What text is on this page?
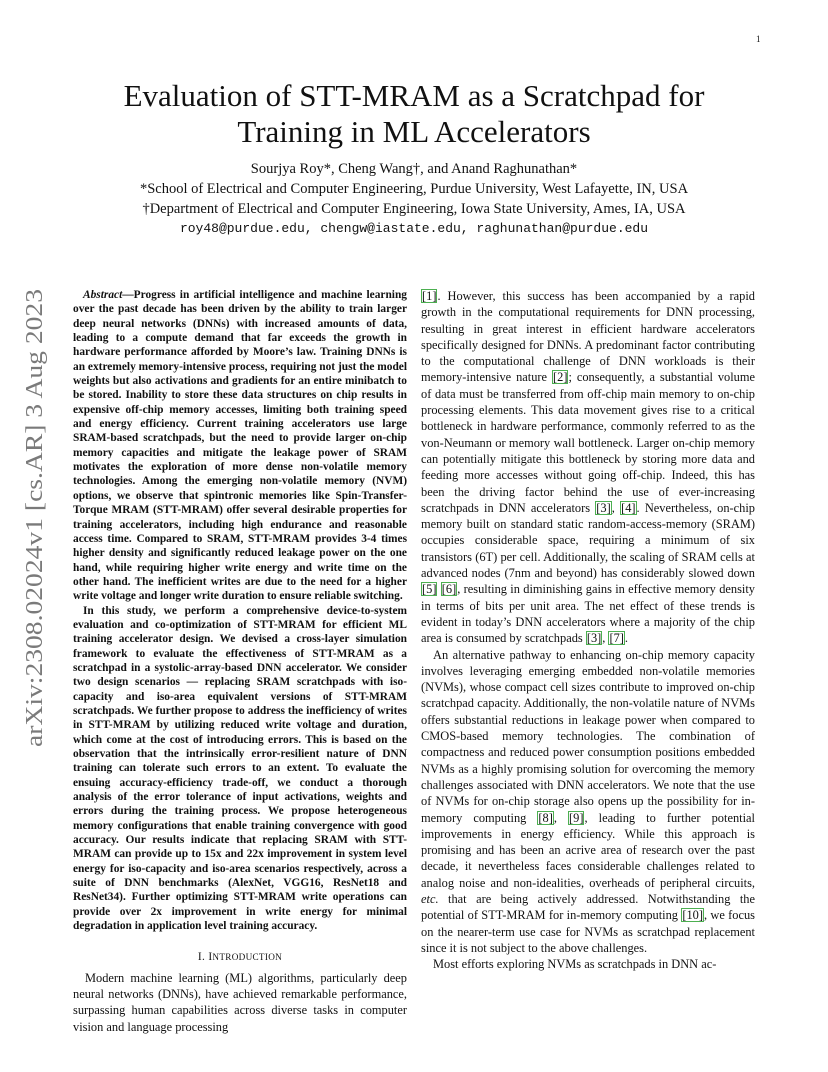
1
arXiv:2308.02024v1 [cs.AR] 3 Aug 2023
Evaluation of STT-MRAM as a Scratchpad for
Training in ML Accelerators
Sourjya Roy*, Cheng Wang†, and Anand Raghunathan*
*School of Electrical and Computer Engineering, Purdue University, West Lafayette, IN, USA
†Department of Electrical and Computer Engineering, Iowa State University, Ames, IA, USA
roy48@purdue.edu, chengw@iastate.edu, raghunathan@purdue.edu

Abstract—Progress in artificial intelligence and machine learning over the past decade has been driven by the ability to train larger deep neural networks (DNNs) with increased amounts of data, leading to a compute demand that far exceeds the growth in hardware performance afforded by Moore’s law. Training DNNs is an extremely memory-intensive process, requiring not just the model weights but also activations and gradients for an entire minibatch to be stored. Inability to store these data structures on chip results in expensive off-chip memory accesses, limiting both training speed and energy efficiency. Current training accelerators use large SRAM-based scratchpads, but the need to provide larger on-chip memory capacities and mitigate the leakage power of SRAM motivates the exploration of more dense non-volatile memory technologies. Among the emerging non-volatile memory (NVM) options, we observe that spintronic memories like Spin-Transfer-Torque MRAM (STT-MRAM) offer several desirable properties for training accelerators, including high endurance and reasonable access time. Compared to SRAM, STT-MRAM provides 3-4 times higher density and significantly reduced leakage power on the one hand, while requiring higher write energy and write time on the other hand. The inefficient writes are due to the need for a higher write voltage and longer write duration to ensure reliable switching.

In this study, we perform a comprehensive device-to-system evaluation and co-optimization of STT-MRAM for efficient ML training accelerator design. We devised a cross-layer simulation framework to evaluate the effectiveness of STT-MRAM as a scratchpad in a systolic-array-based DNN accelerator. We consider two design scenarios — replacing SRAM scratchpads with iso-capacity and iso-area equivalent versions of STT-MRAM scratchpads. We further propose to address the inefficiency of writes in STT-MRAM by utilizing reduced write voltage and duration, which come at the cost of introducing errors. This is based on the observation that the intrinsically error-resilient nature of DNN training can tolerate such errors to an extent. To evaluate the ensuing accuracy-efficiency trade-off, we conduct a thorough analysis of the error tolerance of input activations, weights and errors during the training process. We propose heterogeneous memory configurations that enable training convergence with good accuracy. Our results indicate that replacing SRAM with STT-MRAM can provide up to 15x and 22x improvement in system level energy for iso-capacity and iso-area scenarios respectively, across a suite of DNN benchmarks (AlexNet, VGG16, ResNet18 and ResNet34). Further optimizing STT-MRAM write operations can provide over 2x improvement in write energy for minimal degradation in application level training accuracy.

I. INTRODUCTION

Modern machine learning (ML) algorithms, particularly deep neural networks (DNNs), have achieved remarkable performance, surpassing human capabilities across diverse tasks in computer vision and language processing

[1]. However, this success has been accompanied by a rapid growth in the computational requirements for DNN processing, resulting in great interest in efficient hardware accelerators specifically designed for DNNs. A predominant factor contributing to the computational challenge of DNN workloads is their memory-intensive nature [2]; consequently, a substantial volume of data must be transferred from off-chip main memory to on-chip processing elements. This data movement gives rise to a critical bottleneck in hardware performance, commonly referred to as the von-Neumann or memory wall bottleneck. Larger on-chip memory can potentially mitigate this bottleneck by storing more data and feeding more accesses without going off-chip. Indeed, this has been the driving factor behind the use of ever-increasing scratchpads in DNN accelerators [3], [4]. Nevertheless, on-chip memory built on standard static random-access-memory (SRAM) occupies considerable space, requiring a minimum of six transistors (6T) per cell. Additionally, the scaling of SRAM cells at advanced nodes (7nm and beyond) has considerably slowed down [5] [6], resulting in diminishing gains in effective memory density in terms of bits per unit area. The net effect of these trends is evident in today’s DNN accelerators where a majority of the chip area is consumed by scratchpads [3], [7].

An alternative pathway to enhancing on-chip memory capacity involves leveraging emerging embedded non-volatile memories (NVMs), whose compact cell sizes contribute to improved on-chip scratchpad capacity. Additionally, the non-volatile nature of NVMs offers substantial reductions in leakage power when compared to CMOS-based memory technologies. The combination of compactness and reduced power consumption positions embedded NVMs as a highly promising solution for overcoming the memory challenges associated with DNN accelerators. We note that the use of NVMs for on-chip storage also opens up the possibility for in-memory computing [8], [9], leading to further potential improvements in energy efficiency. While this approach is promising and has been an acrive area of research over the past decade, it nevertheless faces considerable challenges related to analog noise and non-idealities, overheads of peripheral circuits, etc. that are being actively addressed. Notwithstanding the potential of STT-MRAM for in-memory computing [10], we focus on the nearer-term use case for NVMs as scratchpad replacement since it is not subject to the above challenges.

Most efforts exploring NVMs as scratchpads in DNN ac-
